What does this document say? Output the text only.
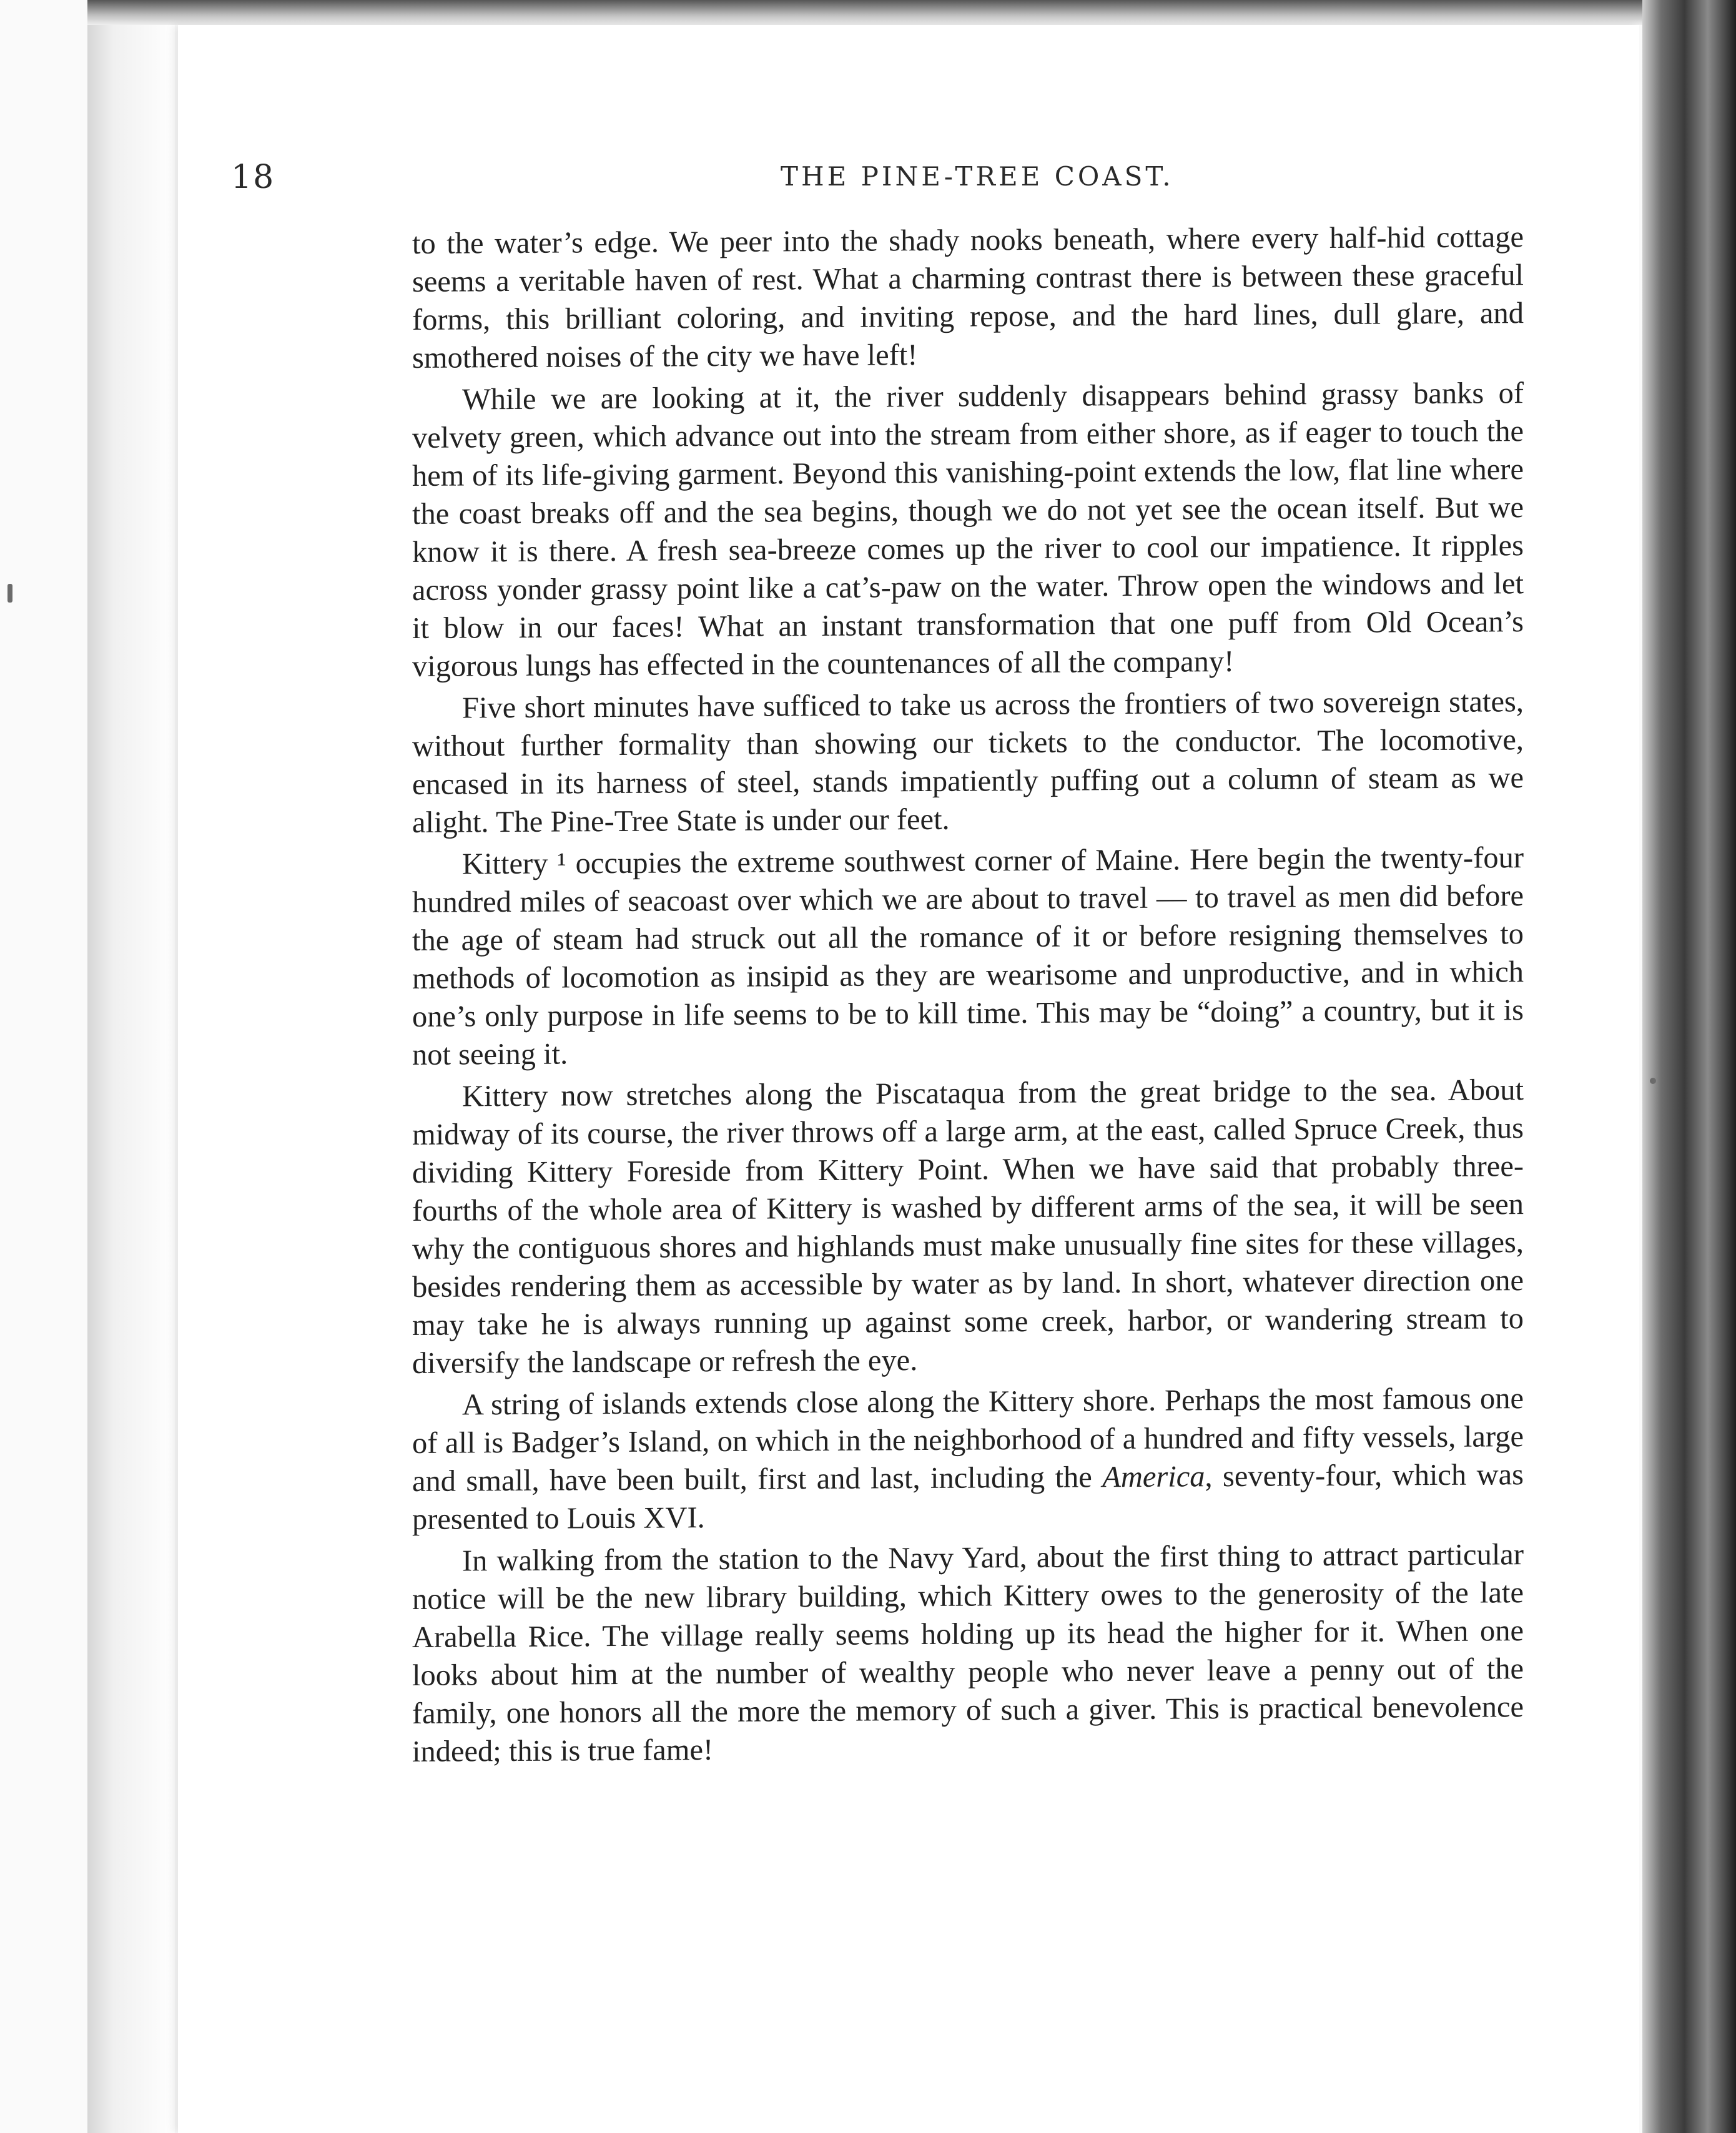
18	THE PINE-TREE COAST.

to the water’s edge. We peer into the shady nooks beneath, where every half-hid cottage seems a veritable haven of rest. What a charming contrast there is between these graceful forms, this brilliant coloring, and inviting repose, and the hard lines, dull glare, and smothered noises of the city we have left!

While we are looking at it, the river suddenly disappears behind grassy banks of velvety green, which advance out into the stream from either shore, as if eager to touch the hem of its life-giving garment. Beyond this vanishing-point extends the low, flat line where the coast breaks off and the sea begins, though we do not yet see the ocean itself. But we know it is there. A fresh sea-breeze comes up the river to cool our impatience. It ripples across yonder grassy point like a cat’s-paw on the water. Throw open the windows and let it blow in our faces! What an instant transformation that one puff from Old Ocean’s vigorous lungs has effected in the countenances of all the company!

Five short minutes have sufficed to take us across the frontiers of two sovereign states, without further formality than showing our tickets to the conductor. The locomotive, encased in its harness of steel, stands impatiently puffing out a column of steam as we alight. The Pine-Tree State is under our feet.

Kittery ¹ occupies the extreme southwest corner of Maine. Here begin the twenty-four hundred miles of seacoast over which we are about to travel — to travel as men did before the age of steam had struck out all the romance of it or before resigning themselves to methods of locomotion as insipid as they are wearisome and unproductive, and in which one’s only purpose in life seems to be to kill time. This may be “doing” a country, but it is not seeing it.

Kittery now stretches along the Piscataqua from the great bridge to the sea. About midway of its course, the river throws off a large arm, at the east, called Spruce Creek, thus dividing Kittery Foreside from Kittery Point. When we have said that probably three-fourths of the whole area of Kittery is washed by different arms of the sea, it will be seen why the contiguous shores and highlands must make unusually fine sites for these villages, besides rendering them as accessible by water as by land. In short, whatever direction one may take he is always running up against some creek, harbor, or wandering stream to diversify the landscape or refresh the eye.

A string of islands extends close along the Kittery shore. Perhaps the most famous one of all is Badger’s Island, on which in the neighborhood of a hundred and fifty vessels, large and small, have been built, first and last, including the America, seventy-four, which was presented to Louis XVI.

In walking from the station to the Navy Yard, about the first thing to attract particular notice will be the new library building, which Kittery owes to the generosity of the late Arabella Rice. The village really seems holding up its head the higher for it. When one looks about him at the number of wealthy people who never leave a penny out of the family, one honors all the more the memory of such a giver. This is practical benevolence indeed; this is true fame!
